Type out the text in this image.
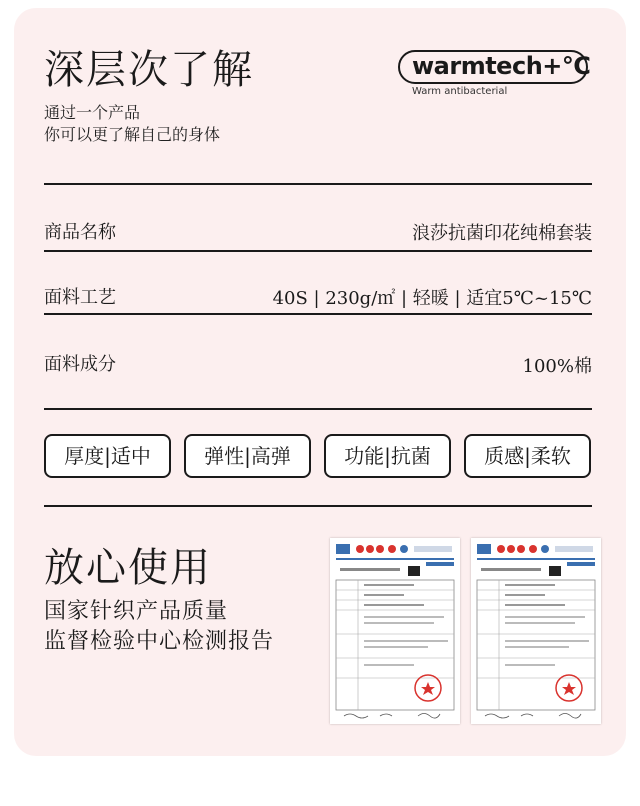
深层次了解
通过一个产品
你可以更了解自己的身体
warmtech+℃
Warm antibacterial
商品名称	浪莎抗菌印花纯棉套装
面料工艺	40S | 230g/㎡ | 轻暖 | 适宜5℃~15℃
面料成分	100%棉
厚度|适中	弹性|高弹	功能|抗菌	质感|柔软
放心使用
国家针织产品质量
监督检验中心检测报告
